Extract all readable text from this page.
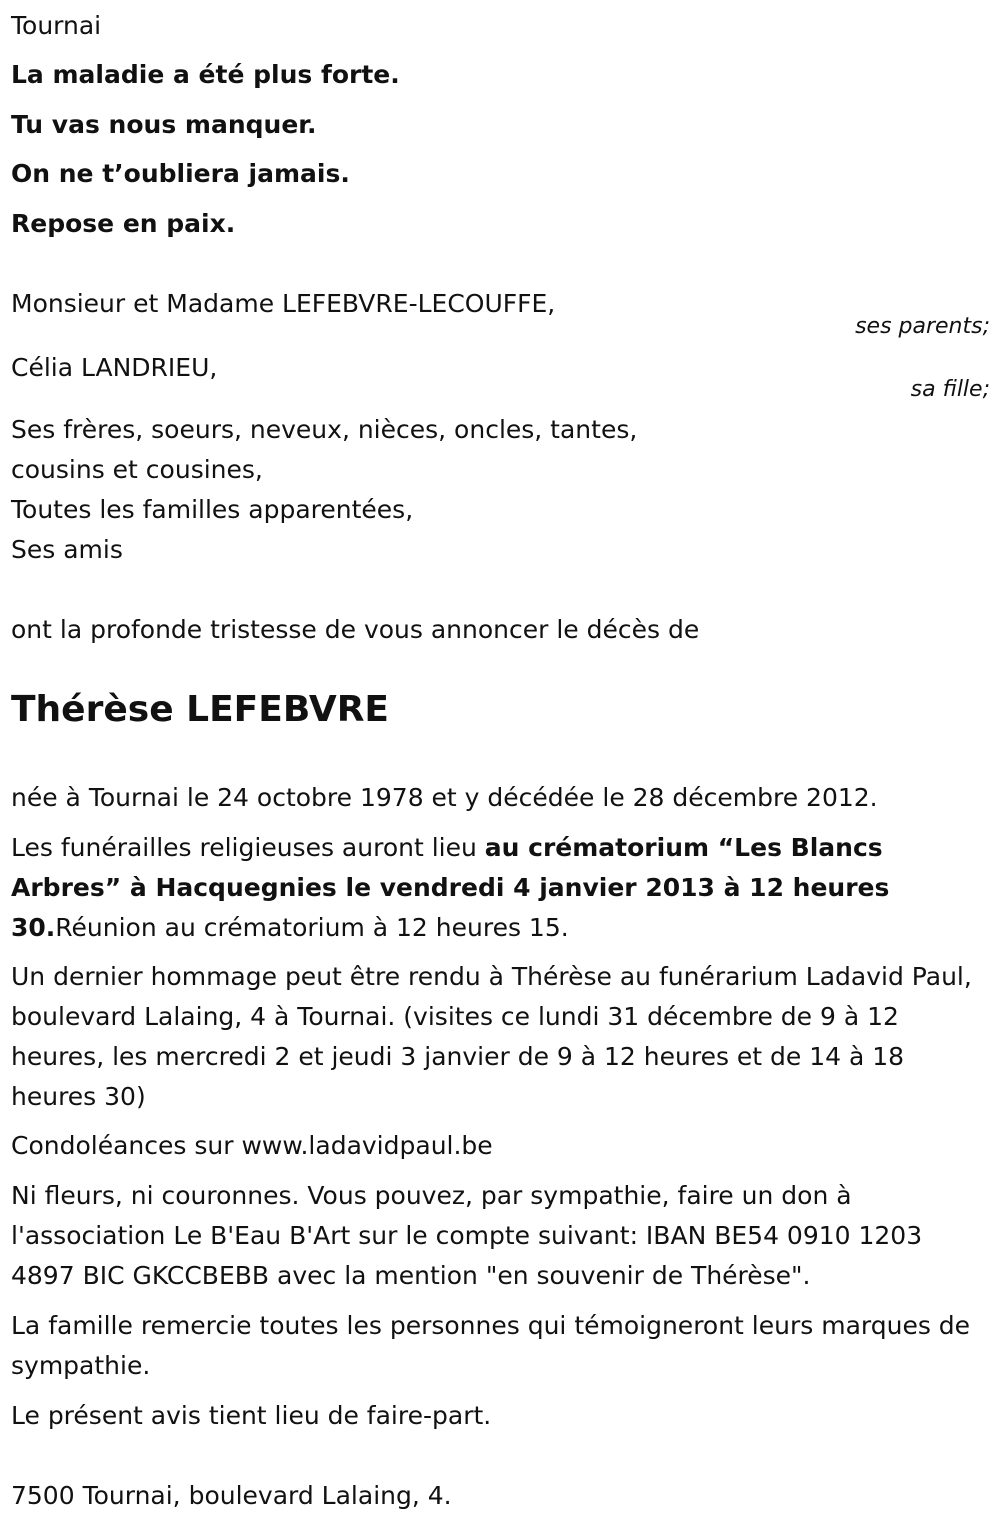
Tournai

La maladie a été plus forte.

Tu vas nous manquer.

On ne t’oubliera jamais.

Repose en paix.

Monsieur et Madame LEFEBVRE-LECOUFFE,

ses parents;

Célia LANDRIEU,

sa fille;

Ses frères, soeurs, neveux, nièces, oncles, tantes,

cousins et cousines,

Toutes les familles apparentées,

Ses amis

ont la profonde tristesse de vous annoncer le décès de

Thérèse LEFEBVRE

née à Tournai le 24 octobre 1978 et y décédée le 28 décembre 2012.

Les funérailles religieuses auront lieu au crématorium “Les Blancs Arbres” à Hacquegnies le vendredi 4 janvier 2013 à 12 heures 30.Réunion au crématorium à 12 heures 15.

Un dernier hommage peut être rendu à Thérèse au funérarium Ladavid Paul, boulevard Lalaing, 4 à Tournai. (visites ce lundi 31 décembre de 9 à 12 heures, les mercredi 2 et jeudi 3 janvier de 9 à 12 heures et de 14 à 18 heures 30)

Condoléances sur www.ladavidpaul.be

Ni fleurs, ni couronnes. Vous pouvez, par sympathie, faire un don à l'association Le B'Eau B'Art sur le compte suivant: IBAN BE54 0910 1203 4897 BIC GKCCBEBB avec la mention "en souvenir de Thérèse".

La famille remercie toutes les personnes qui témoigneront leurs marques de sympathie.

Le présent avis tient lieu de faire-part.

7500 Tournai, boulevard Lalaing, 4.
